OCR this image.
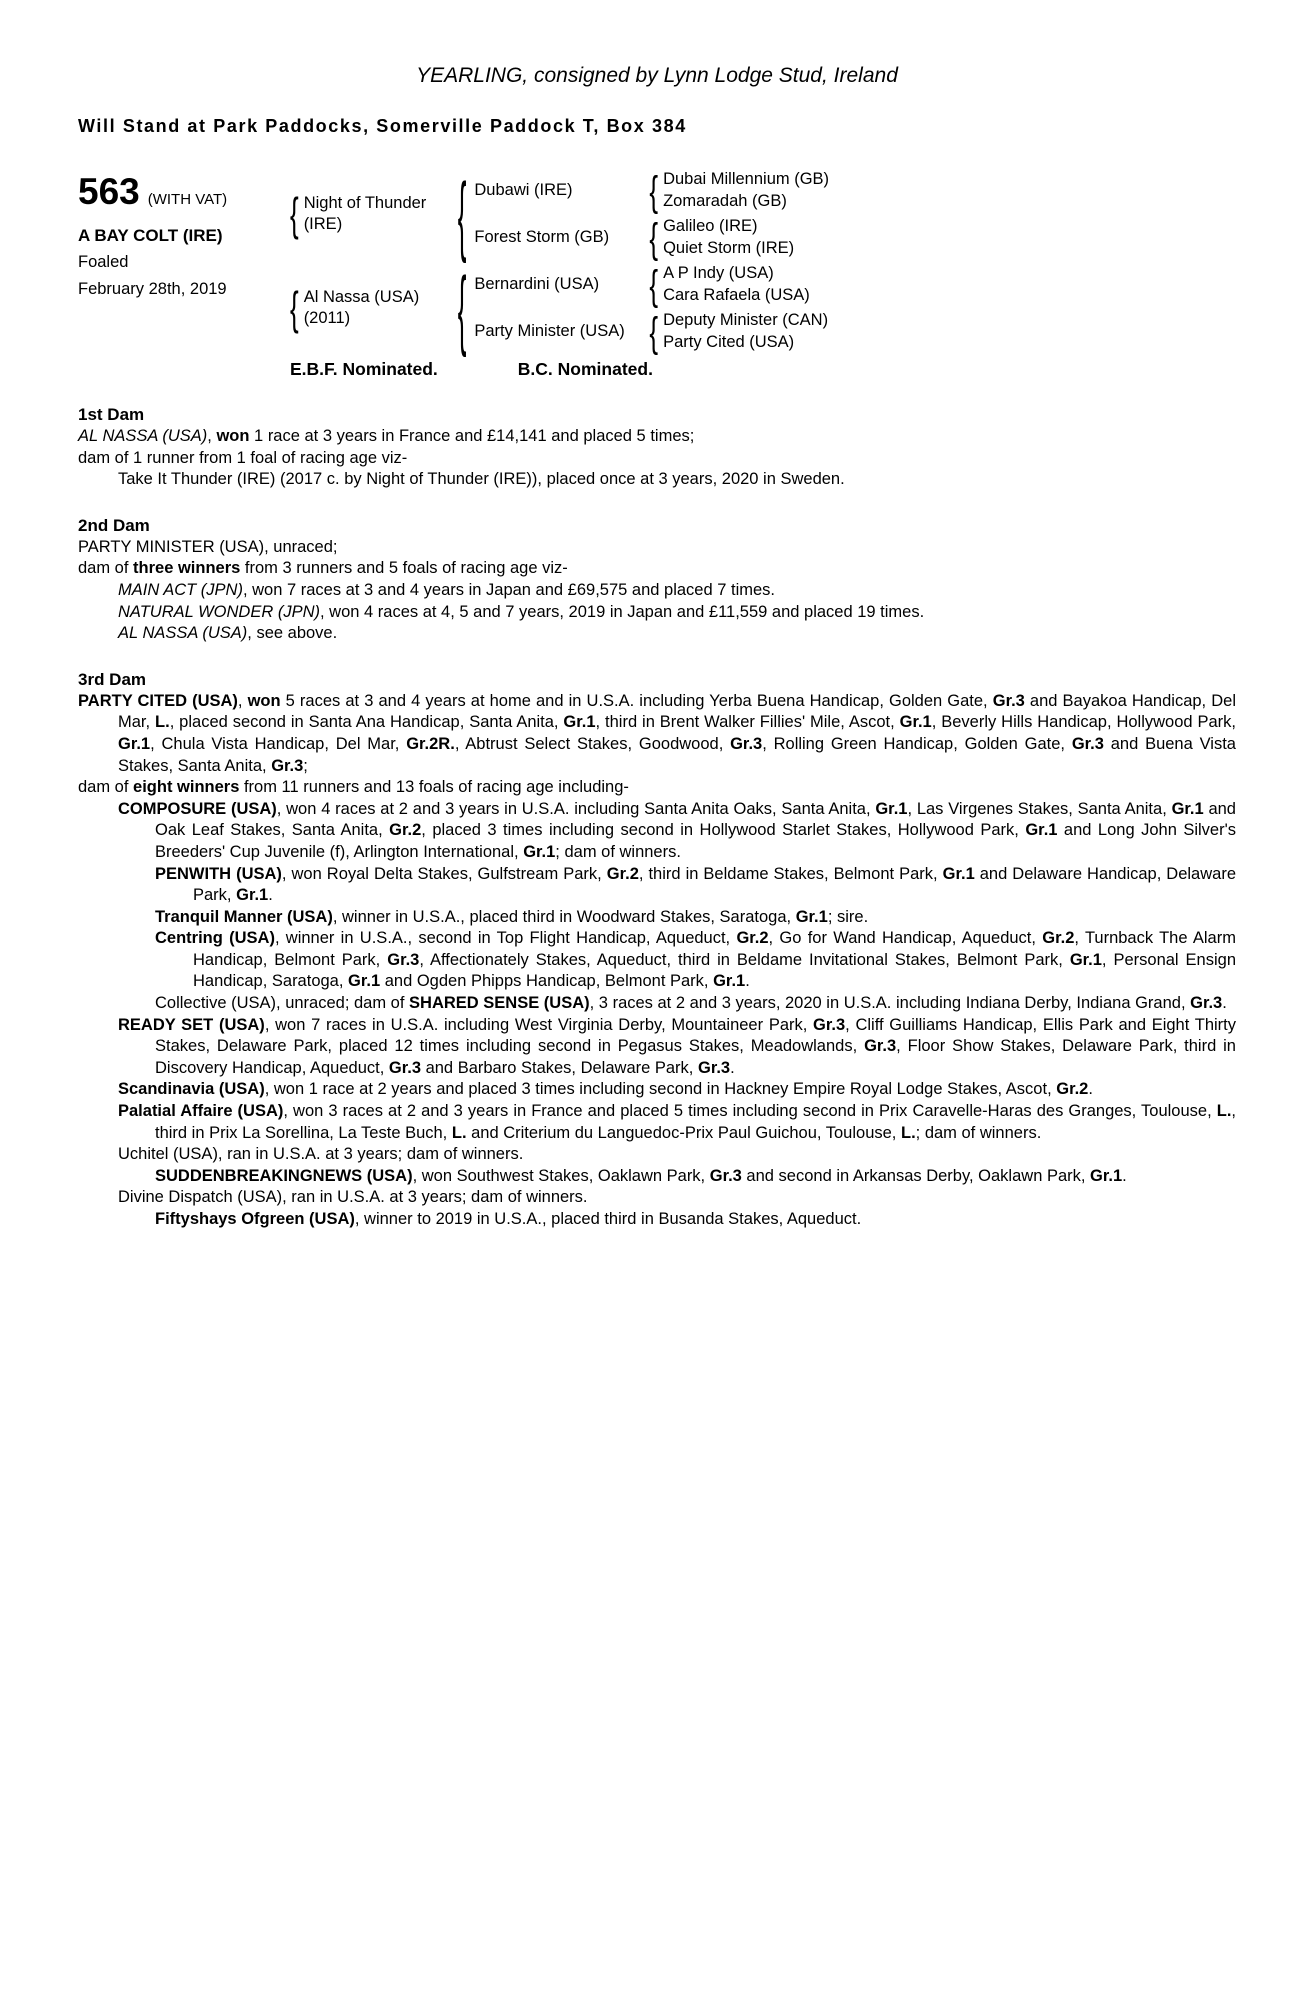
YEARLING, consigned by Lynn Lodge Stud, Ireland
Will Stand at Park Paddocks, Somerville Paddock T, Box 384
563 (WITH VAT)
A BAY COLT (IRE)
Foaled
February 28th, 2019
{ Night of Thunder (IRE)	{ Dubawi (IRE)	{ Dubai Millennium (GB)
Zomaradah (GB)
Forest Storm (GB)	{ Galileo (IRE)
Quiet Storm (IRE)
{ Al Nassa (USA) (2011)	{ Bernardini (USA)	{ A P Indy (USA)
Cara Rafaela (USA)
Party Minister (USA) { Deputy Minister (CAN)
Party Cited (USA)
E.B.F. Nominated.	B.C. Nominated.
1st Dam

AL NASSA (USA), won 1 race at 3 years in France and £14,141 and placed 5 times;

dam of 1 runner from 1 foal of racing age viz-

Take It Thunder (IRE) (2017 c. by Night of Thunder (IRE)), placed once at 3 years, 2020 in Sweden.

2nd Dam

PARTY MINISTER (USA), unraced;

dam of three winners from 3 runners and 5 foals of racing age viz-

MAIN ACT (JPN), won 7 races at 3 and 4 years in Japan and £69,575 and placed 7 times.

NATURAL WONDER (JPN), won 4 races at 4, 5 and 7 years, 2019 in Japan and £11,559 and placed 19 times.

AL NASSA (USA), see above.

3rd Dam

PARTY CITED (USA), won 5 races at 3 and 4 years at home and in U.S.A. including Yerba Buena Handicap, Golden Gate, Gr.3 and Bayakoa Handicap, Del Mar, L., placed second in Santa Ana Handicap, Santa Anita, Gr.1, third in Brent Walker Fillies' Mile, Ascot, Gr.1, Beverly Hills Handicap, Hollywood Park, Gr.1, Chula Vista Handicap, Del Mar, Gr.2R., Abtrust Select Stakes, Goodwood, Gr.3, Rolling Green Handicap, Golden Gate, Gr.3 and Buena Vista Stakes, Santa Anita, Gr.3;

dam of eight winners from 11 runners and 13 foals of racing age including-

COMPOSURE (USA), won 4 races at 2 and 3 years in U.S.A. including Santa Anita Oaks, Santa Anita, Gr.1, Las Virgenes Stakes, Santa Anita, Gr.1 and Oak Leaf Stakes, Santa Anita, Gr.2, placed 3 times including second in Hollywood Starlet Stakes, Hollywood Park, Gr.1 and Long John Silver's Breeders' Cup Juvenile (f), Arlington International, Gr.1; dam of winners.

PENWITH (USA), won Royal Delta Stakes, Gulfstream Park, Gr.2, third in Beldame Stakes, Belmont Park, Gr.1 and Delaware Handicap, Delaware Park, Gr.1.

Tranquil Manner (USA), winner in U.S.A., placed third in Woodward Stakes, Saratoga, Gr.1; sire.

Centring (USA), winner in U.S.A., second in Top Flight Handicap, Aqueduct, Gr.2, Go for Wand Handicap, Aqueduct, Gr.2, Turnback The Alarm Handicap, Belmont Park, Gr.3, Affectionately Stakes, Aqueduct, third in Beldame Invitational Stakes, Belmont Park, Gr.1, Personal Ensign Handicap, Saratoga, Gr.1 and Ogden Phipps Handicap, Belmont Park, Gr.1.

Collective (USA), unraced; dam of SHARED SENSE (USA), 3 races at 2 and 3 years, 2020 in U.S.A. including Indiana Derby, Indiana Grand, Gr.3.

READY SET (USA), won 7 races in U.S.A. including West Virginia Derby, Mountaineer Park, Gr.3, Cliff Guilliams Handicap, Ellis Park and Eight Thirty Stakes, Delaware Park, placed 12 times including second in Pegasus Stakes, Meadowlands, Gr.3, Floor Show Stakes, Delaware Park, third in Discovery Handicap, Aqueduct, Gr.3 and Barbaro Stakes, Delaware Park, Gr.3.

Scandinavia (USA), won 1 race at 2 years and placed 3 times including second in Hackney Empire Royal Lodge Stakes, Ascot, Gr.2.

Palatial Affaire (USA), won 3 races at 2 and 3 years in France and placed 5 times including second in Prix Caravelle-Haras des Granges, Toulouse, L., third in Prix La Sorellina, La Teste Buch, L. and Criterium du Languedoc-Prix Paul Guichou, Toulouse, L.; dam of winners.

Uchitel (USA), ran in U.S.A. at 3 years; dam of winners.

SUDDENBREAKINGNEWS (USA), won Southwest Stakes, Oaklawn Park, Gr.3 and second in Arkansas Derby, Oaklawn Park, Gr.1.

Divine Dispatch (USA), ran in U.S.A. at 3 years; dam of winners.

Fiftyshays Ofgreen (USA), winner to 2019 in U.S.A., placed third in Busanda Stakes, Aqueduct.
